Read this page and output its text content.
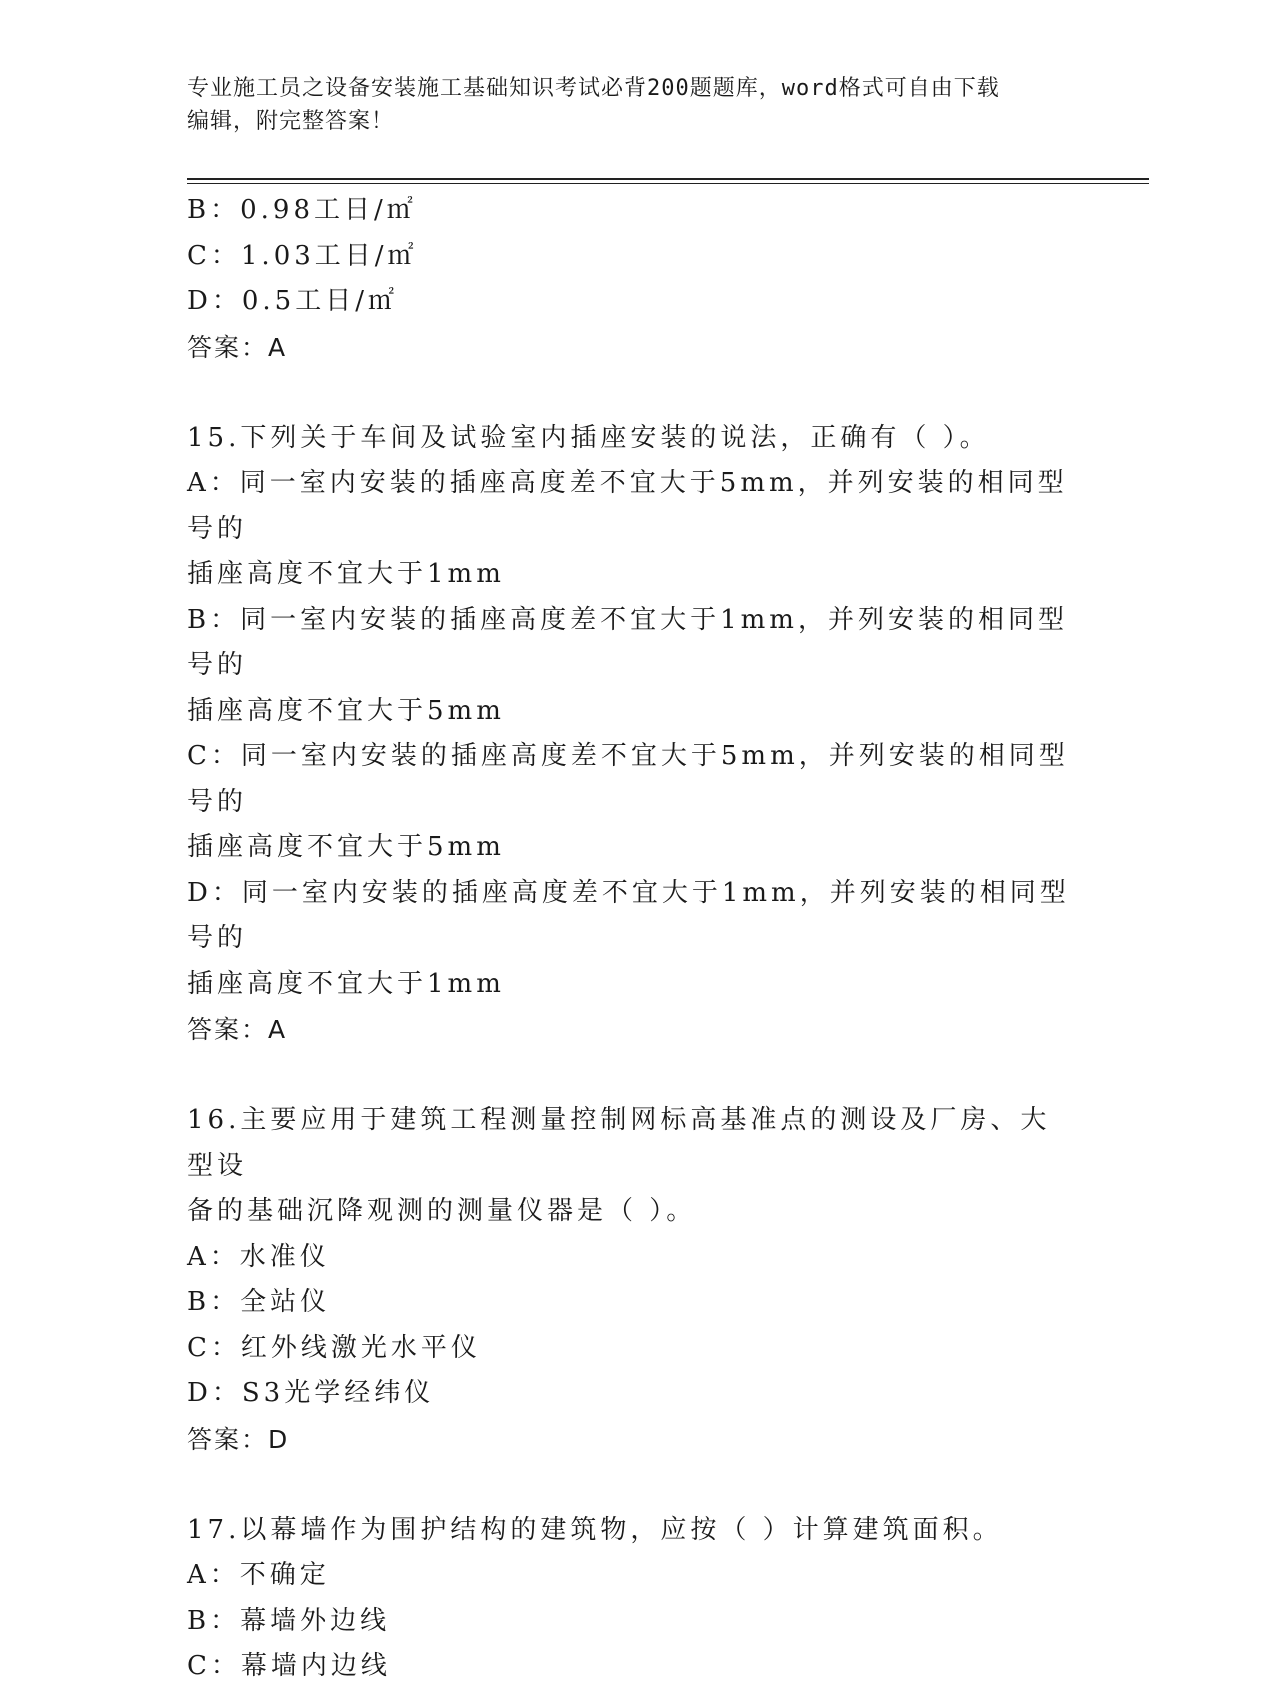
专业施工员之设备安装施工基础知识考试必背200题题库，word格式可自由下载
编辑，附完整答案！
B：0.98工日/㎡
C：1.03工日/㎡
D：0.5工日/㎡
答案：A
15.下列关于车间及试验室内插座安装的说法，正确有（ ）。
A：同一室内安装的插座高度差不宜大于5mm，并列安装的相同型号的
插座高度不宜大于1mm
B：同一室内安装的插座高度差不宜大于1mm，并列安装的相同型号的
插座高度不宜大于5mm
C：同一室内安装的插座高度差不宜大于5mm，并列安装的相同型号的
插座高度不宜大于5mm
D：同一室内安装的插座高度差不宜大于1mm，并列安装的相同型号的
插座高度不宜大于1mm
答案：A
16.主要应用于建筑工程测量控制网标高基准点的测设及厂房、大型设
备的基础沉降观测的测量仪器是（ ）。
A：水准仪
B：全站仪
C：红外线激光水平仪
D：S3光学经纬仪
答案：D
17.以幕墙作为围护结构的建筑物，应按（ ）计算建筑面积。
A：不确定
B：幕墙外边线
C：幕墙内边线
